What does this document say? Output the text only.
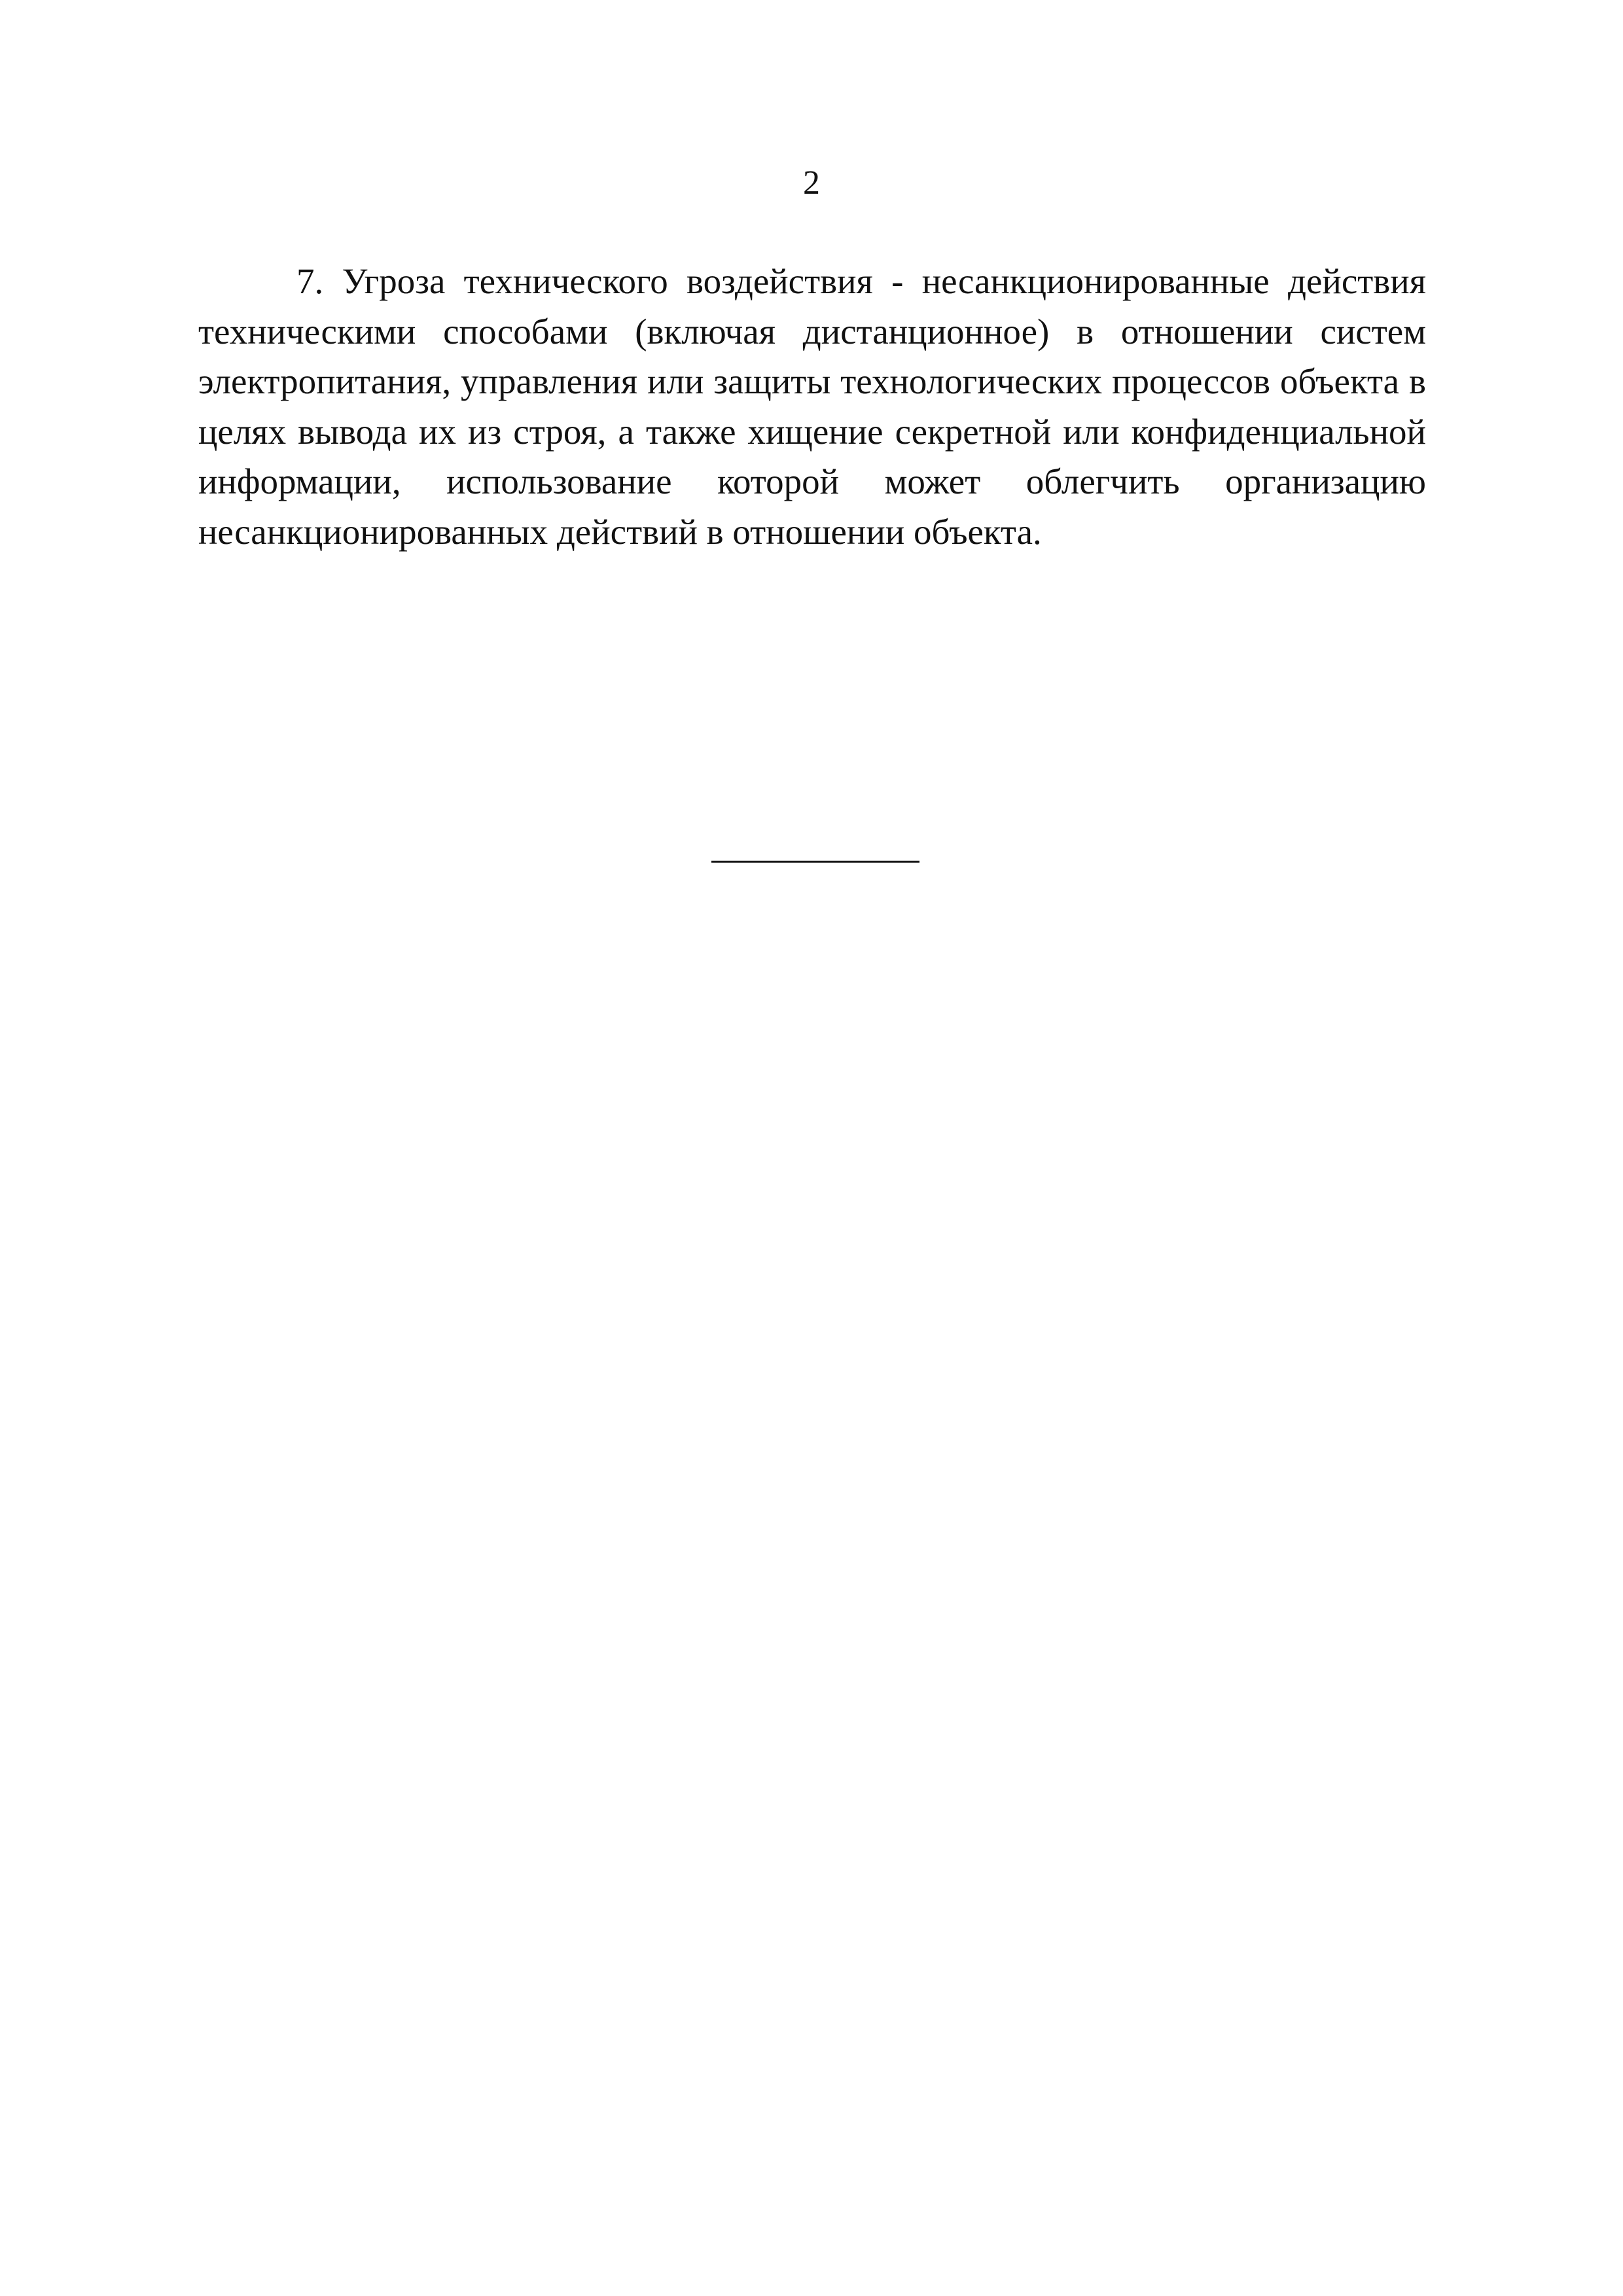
2

7. Угроза технического воздействия - несанкционированные действия техническими способами (включая дистанционное) в отношении систем электропитания, управления или защиты технологических процессов объекта в целях вывода их из строя, а также хищение секретной или конфиденциальной информации, использование которой может облегчить организацию несанкционированных действий в отношении объекта.
